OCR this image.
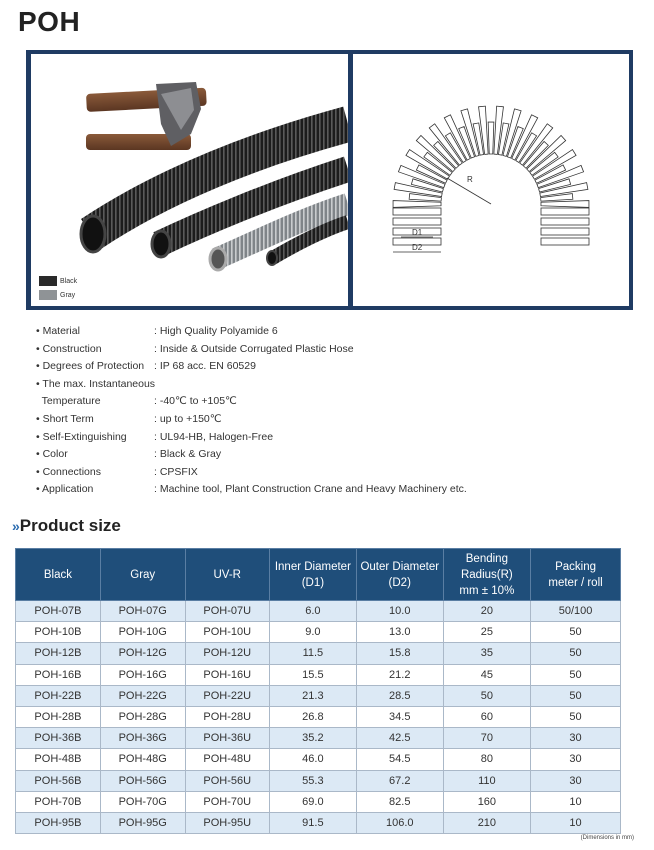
POH
Black
Gray
R
D1
D2
• Material	: High Quality Polyamide 6
• Construction	: Inside & Outside Corrugated Plastic Hose
• Degrees of Protection : IP 68 acc. EN 60529
• The max. Instantaneous
Temperature	: -40℃ to +105℃
• Short Term	: up to +150℃
• Self-Extinguishing	: UL94-HB, Halogen-Free
• Color	: Black & Gray
• Connections	: CPSFIX
• Application	: Machine tool, Plant Construction Crane and Heavy Machinery etc.
» Product size
Black	Gray	UV-R	Inner Diameter
(D1)	Outer Diameter
(D2)	Bending Radius(R)
mm ± 10%	Packing
meter / roll
POH-07B	POH-07G	POH-07U	6.0	10.0	20	50/100
POH-10B	POH-10G	POH-10U	9.0	13.0	25	50
POH-12B	POH-12G	POH-12U	11.5	15.8	35	50
POH-16B	POH-16G	POH-16U	15.5	21.2	45	50
POH-22B	POH-22G	POH-22U	21.3	28.5	50	50
POH-28B	POH-28G	POH-28U	26.8	34.5	60	50
POH-36B	POH-36G	POH-36U	35.2	42.5	70	30
POH-48B	POH-48G	POH-48U	46.0	54.5	80	30
POH-56B	POH-56G	POH-56U	55.3	67.2	110	30
POH-70B	POH-70G	POH-70U	69.0	82.5	160	10
POH-95B	POH-95G	POH-95U	91.5	106.0	210	10
(Dimensions in mm)
